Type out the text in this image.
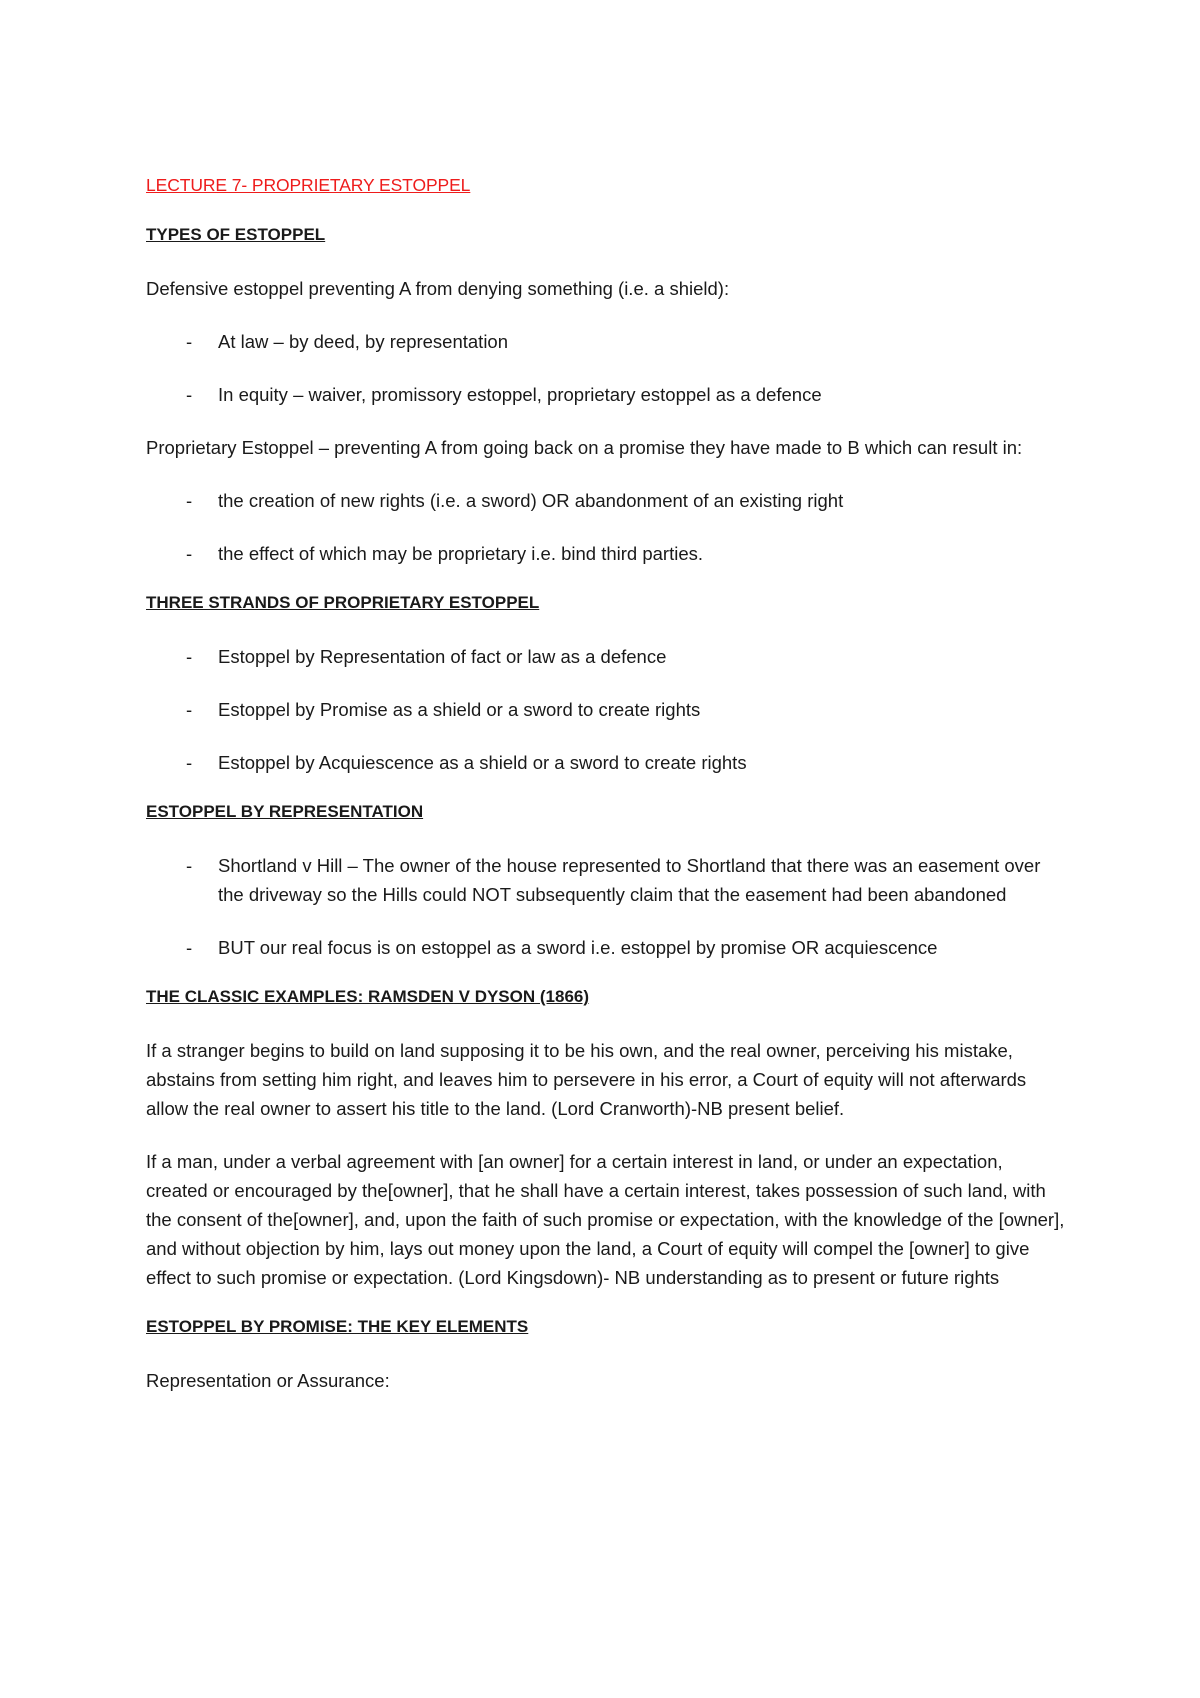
LECTURE 7- PROPRIETARY ESTOPPEL
TYPES OF ESTOPPEL

Defensive estoppel preventing A from denying something (i.e. a shield):

- At law – by deed, by representation
- In equity – waiver, promissory estoppel, proprietary estoppel as a defence

Proprietary Estoppel – preventing A from going back on a promise they have made to B which can result in:

- the creation of new rights (i.e. a sword) OR abandonment of an existing right
- the effect of which may be proprietary i.e. bind third parties.
THREE STRANDS OF PROPRIETARY ESTOPPEL
- Estoppel by Representation of fact or law as a defence
- Estoppel by Promise as a shield or a sword to create rights
- Estoppel by Acquiescence as a shield or a sword to create rights
ESTOPPEL BY REPRESENTATION
- Shortland v Hill – The owner of the house represented to Shortland that there was an easement over the driveway so the Hills could NOT subsequently claim that the easement had been abandoned
- BUT our real focus is on estoppel as a sword i.e. estoppel by promise OR acquiescence
THE CLASSIC EXAMPLES: RAMSDEN V DYSON (1866)

If a stranger begins to build on land supposing it to be his own, and the real owner, perceiving his mistake, abstains from setting him right, and leaves him to persevere in his error, a Court of equity will not afterwards allow the real owner to assert his title to the land. (Lord Cranworth)-NB present belief.

If a man, under a verbal agreement with [an owner] for a certain interest in land, or under an expectation, created or encouraged by the[owner], that he shall have a certain interest, takes possession of such land, with the consent of the[owner], and, upon the faith of such promise or expectation, with the knowledge of the [owner], and without objection by him, lays out money upon the land, a Court of equity will compel the [owner] to give effect to such promise or expectation. (Lord Kingsdown)- NB understanding as to present or future rights

ESTOPPEL BY PROMISE: THE KEY ELEMENTS

Representation or Assurance:
